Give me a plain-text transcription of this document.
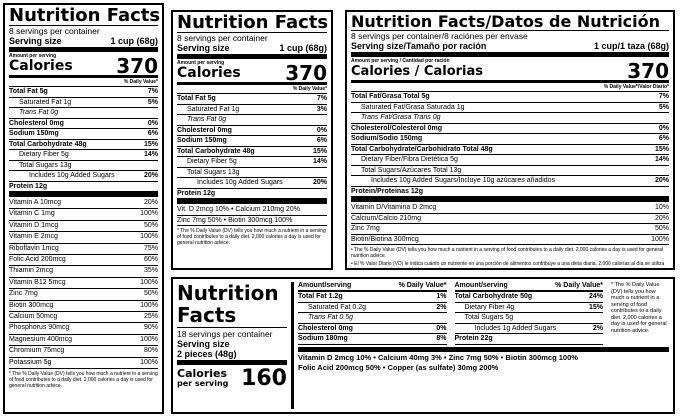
Nutrition Facts
8 servings per container
Serving size	1 cup (68g)
Amount per serving
Calories 370
% Daily Value*
Total Fat 5g	7%
Saturated Fat 1g	5%
Trans Fat 0g
Cholesterol 0mg	0%
Sodium 150mg	6%
Total Carbohydrate 48g	15%
Dietary Fiber 5g	14%
Total Sugars 13g
Includes 10g Added Sugars	20%
Protein 12g
Vitamin A 10mcg	20%
Vitamin C 1mg	100%
Vitamin D 1mcg	50%
Vitamin E 2mcg	100%
Riboflavin 1mcg	75%
Folic Acid 200mcg	60%
Thiamin 2mcg	35%
Vitamin B12 5mcg	100%
Zinc 7mg	50%
Biotin 300mcg	100%
Calcium 50mcg	25%
Phosphorus 90mcg	90%
Magnesium 400mcg	100%
Chromium 75mcg	80%
Potassium 5g	100%
* The % Daily Value (DV) tells you how much a nutrient in a serving of food contributes to a daily diet. 2,000 calories a day is used for general nutrition advice.
Nutrition Facts
8 servings per container
Serving size	1 cup (68g)
Amount per serving
Calories 370
% Daily Value*
Total Fat 5g	7%
Saturated Fat 1g	3%
Trans Fat 0g
Cholesterol 0mg	0%
Sodium 150mg	6%
Total Carbohydrate 48g	15%
Dietary Fiber 5g	14%
Total Sugars 13g
Includes 10g Added Sugars	20%
Protein 12g
Vit. D 2mcg 10% • Calcium 210mg 20%
Zinc 7mg 50% • Biotin 300mcg 100%
* The % Daily Value (DV) tells you how much a nutrient in a serving of food contributes to a daily diet. 2,000 calories a day is used for general nutrition advice.
Nutrition Facts/Datos de Nutrición
8 servings per container/8 raciónes per envase
Serving size/Tamaño por ración	1 cup/1 taza (68g)
Amount per serving / Cantidad por ración
Calories / Calorias	370
% Daily Value*/Valor Diario*
Total Fat/Grasa Total 5g	7%
Saturated Fat/Grasa Saturada 1g	5%
Trans Fat/Grasa Trans 0g
Cholesterol/Colesterol 0mg	0%
Sodium/Sodio 150mg	6%
Total Carbohydrate/Carbohidrato Total 48g	15%
Dietary Fiber/Fibra Dietética 5g	14%
Total Sugars/Azúcares Total 13g
Includes 10g Added Sugars/Incluye 10g azúcares añadidos	20%
Protein/Proteinas 12g
Vitamin D/Vitamina D 2mcg	10%
Calcium/Calcio 210mg	20%
Zinc 7mg	50%
Biotin/Biotina 300mcg	100%
• The % Daily Value (DV) tells you how much a nutrient in a serving of food contributes to a daily diet. 2,000 calories a day is used for general nutrition advice.
• El % Valor Diario (VD) le indica cuánto un nutriente en una porción de alimentos contribuye a una dieta diaria. 2,000 calorías al día se utiliza para asesoramiento de nutrición general.
Nutrition
Facts
18 servings per container
Serving size
2 pieces (48g)
Calories
per serving 160
Amount/serving	% Daily Value*
Total Fat 1.2g	1%
Saturated Fat 0.2g	2%
Trans Fat 0.5g
Cholesterol 0mg	0%
Sodium 180mg	8%
Amount/serving	% Daily Value*
Total Carbohydrate 50g	24%
Dietary Fiber 4g	15%
Total Sugars 5g
Includes 1g Added Sugars	2%
Protein 22g
* The % Daily Value (DV) tells you how much a nutrient in a serving of food contributes to a daily diet. 2,000 calories a day is used for general nutrition advice.
Vitamin D 2mcg 10% • Calcium 40mg 3% • Zinc 7mg 50% • Biotin 300mcg 100%
Folic Acid 200mcg 50% • Copper (as sulfate) 30mg 200%
